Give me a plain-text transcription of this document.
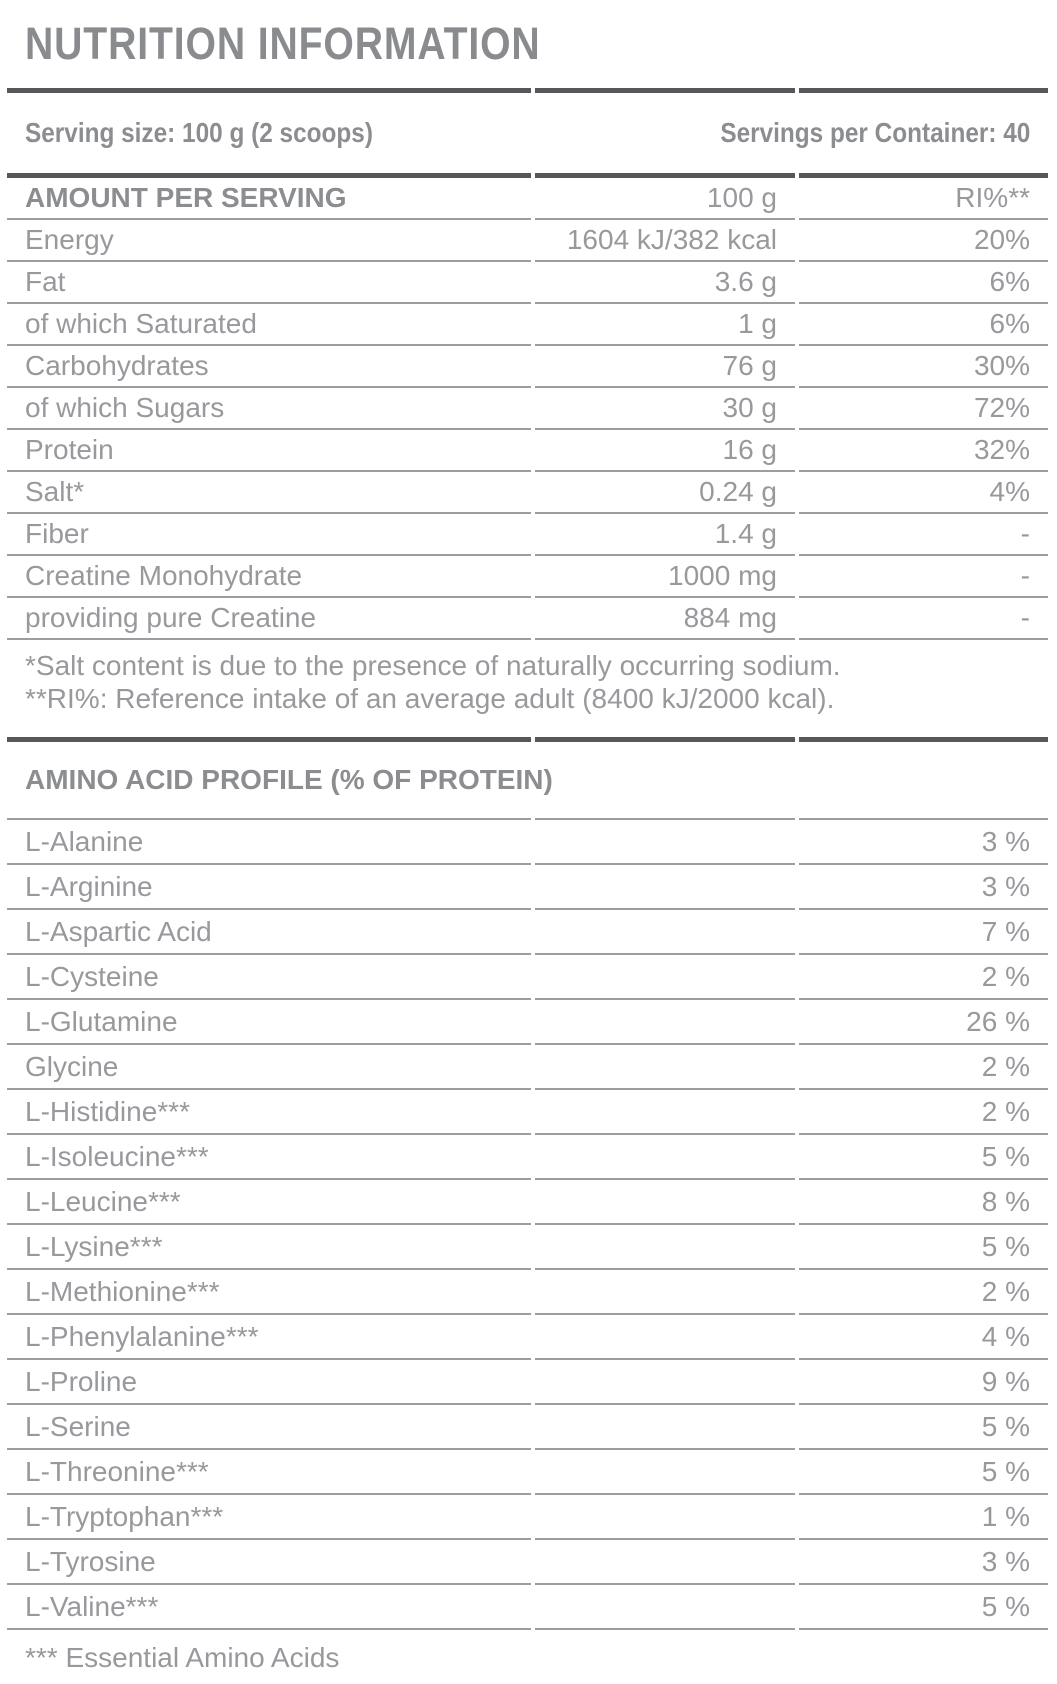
NUTRITION INFORMATION
Serving size: 100 g (2 scoops)	Servings per Container: 40
AMOUNT PER SERVING	100 g	RI%**
Energy	1604 kJ/382 kcal	20%
Fat	3.6 g	6%
of which Saturated	1 g	6%
Carbohydrates	76 g	30%
of which Sugars	30 g	72%
Protein	16 g	32%
Salt*	0.24 g	4%
Fiber	1.4 g	-
Creatine Monohydrate	1000 mg	-
providing pure Creatine	884 mg	-
*Salt content is due to the presence of naturally occurring sodium.
**RI%: Reference intake of an average adult (8400 kJ/2000 kcal).
AMINO ACID PROFILE (% OF PROTEIN)
L-Alanine	3 %
L-Arginine	3 %
L-Aspartic Acid	7 %
L-Cysteine	2 %
L-Glutamine	26 %
Glycine	2 %
L-Histidine***	2 %
L-Isoleucine***	5 %
L-Leucine***	8 %
L-Lysine***	5 %
L-Methionine***	2 %
L-Phenylalanine***	4 %
L-Proline	9 %
L-Serine	5 %
L-Threonine***	5 %
L-Tryptophan***	1 %
L-Tyrosine	3 %
L-Valine***	5 %
*** Essential Amino Acids
